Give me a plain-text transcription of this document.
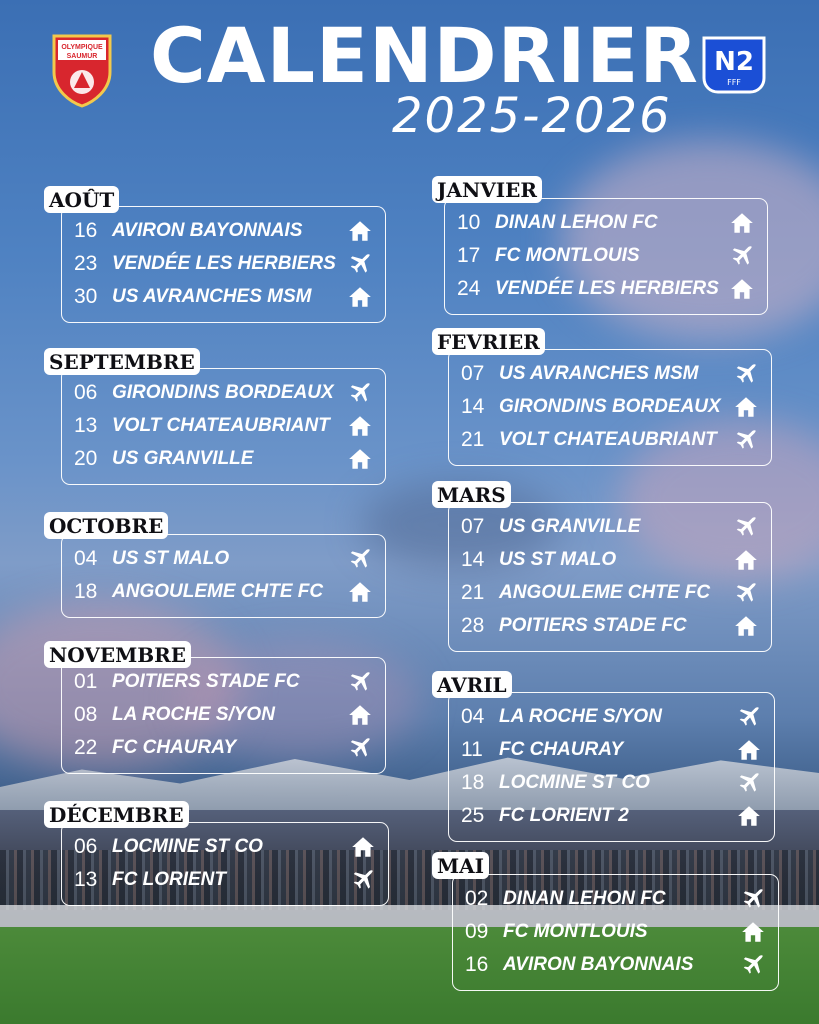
OLYMPIQUE
SAUMUR CALENDRIER
2025-2026
N2
FFF
16 AVIRON BAYONNAIS
23 VENDÉE LES HERBIERS
30 US AVRANCHES MSM
AOÛT
06 GIRONDINS BORDEAUX
13 VOLT CHATEAUBRIANT
20 US GRANVILLE
SEPTEMBRE
04 US ST MALO
18 ANGOULEME CHTE FC
OCTOBRE
01 POITIERS STADE FC
08 LA ROCHE S/YON
22 FC CHAURAY
NOVEMBRE
06 LOCMINE ST CO
13 FC LORIENT
DÉCEMBRE
10 DINAN LEHON FC
17 FC MONTLOUIS
24 VENDÉE LES HERBIERS
JANVIER
07 US AVRANCHES MSM
14 GIRONDINS BORDEAUX
21 VOLT CHATEAUBRIANT
FEVRIER
07 US GRANVILLE
14 US ST MALO
21 ANGOULEME CHTE FC
28 POITIERS STADE FC
MARS
04 LA ROCHE S/YON
11 FC CHAURAY
18 LOCMINE ST CO
25 FC LORIENT 2
AVRIL
02 DINAN LEHON FC
09 FC MONTLOUIS
16 AVIRON BAYONNAIS
MAI
